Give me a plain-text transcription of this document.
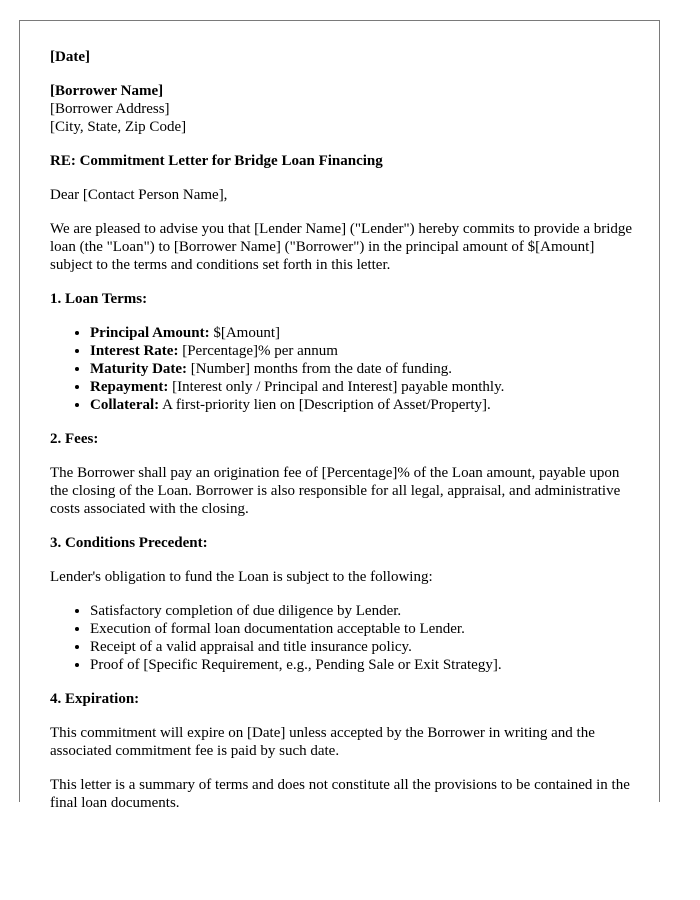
[Date]

[Borrower Name]
[Borrower Address]
[City, State, Zip Code]

RE: Commitment Letter for Bridge Loan Financing

Dear [Contact Person Name],

We are pleased to advise you that [Lender Name] ("Lender") hereby commits to provide a bridge loan (the "Loan") to [Borrower Name] ("Borrower") in the principal amount of $[Amount] subject to the terms and conditions set forth in this letter.

1. Loan Terms:

• Principal Amount: $[Amount]
• Interest Rate: [Percentage]% per annum
• Maturity Date: [Number] months from the date of funding.
• Repayment: [Interest only / Principal and Interest] payable monthly.
• Collateral: A first-priority lien on [Description of Asset/Property].

2. Fees:

The Borrower shall pay an origination fee of [Percentage]% of the Loan amount, payable upon the closing of the Loan. Borrower is also responsible for all legal, appraisal, and administrative costs associated with the closing.

3. Conditions Precedent:

Lender's obligation to fund the Loan is subject to the following:

• Satisfactory completion of due diligence by Lender.
• Execution of formal loan documentation acceptable to Lender.
• Receipt of a valid appraisal and title insurance policy.
• Proof of [Specific Requirement, e.g., Pending Sale or Exit Strategy].

4. Expiration:

This commitment will expire on [Date] unless accepted by the Borrower in writing and the associated commitment fee is paid by such date.

This letter is a summary of terms and does not constitute all the provisions to be contained in the final loan documents.
